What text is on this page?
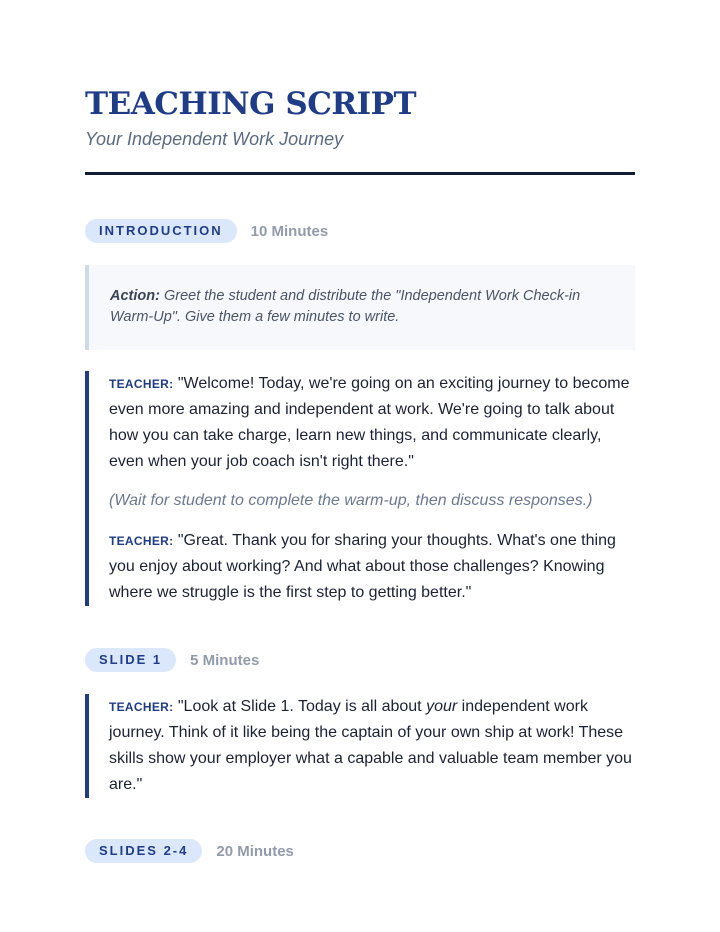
TEACHING SCRIPT
Your Independent Work Journey
INTRODUCTION	10 Minutes
Action: Greet the student and distribute the "Independent Work Check-in Warm-Up". Give them a few minutes to write.

TEACHER: "Welcome! Today, we're going on an exciting journey to become even more amazing and independent at work. We're going to talk about how you can take charge, learn new things, and communicate clearly, even when your job coach isn't right there."

(Wait for student to complete the warm-up, then discuss responses.)

TEACHER: "Great. Thank you for sharing your thoughts. What's one thing you enjoy about working? And what about those challenges? Knowing where we struggle is the first step to getting better."

SLIDE 1	5 Minutes

TEACHER: "Look at Slide 1. Today is all about your independent work journey. Think of it like being the captain of your own ship at work! These skills show your employer what a capable and valuable team member you are."

SLIDES 2-4	20 Minutes
